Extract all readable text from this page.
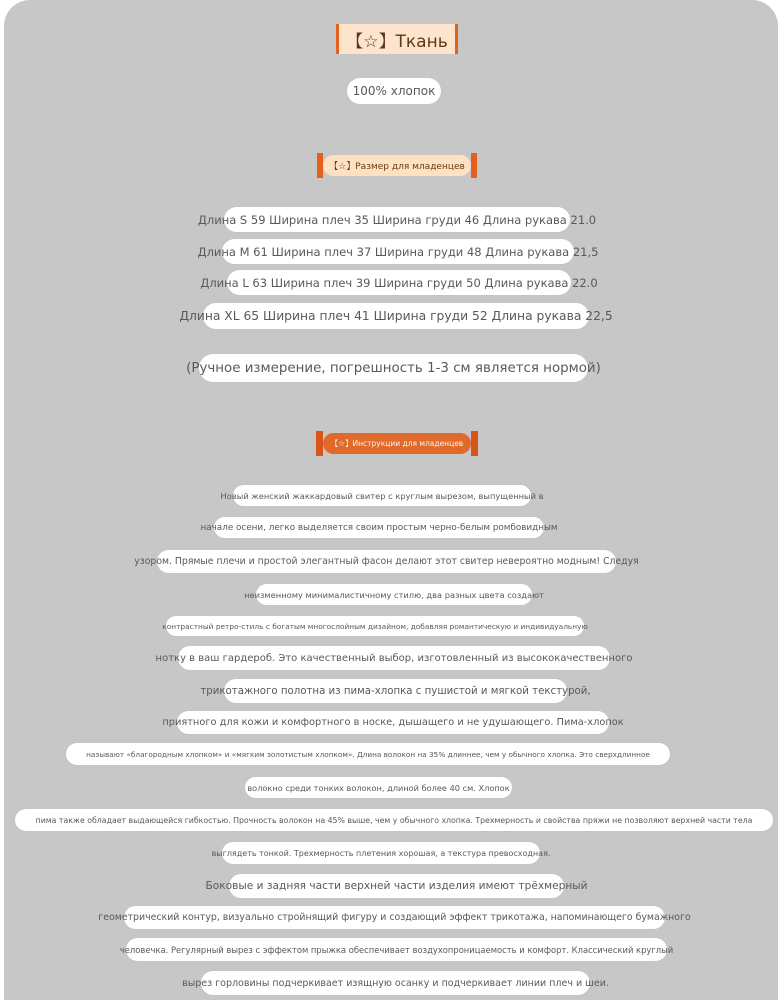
【☆】Ткань
100% хлопок
【☆】Размер для младенцев
Длина S 59 Ширина плеч 35 Ширина груди 46 Длина рукава 21.0
Длина M 61 Ширина плеч 37 Ширина груди 48 Длина рукава 21,5
Длина L 63 Ширина плеч 39 Ширина груди 50 Длина рукава 22.0
Длина XL 65 Ширина плеч 41 Ширина груди 52 Длина рукава 22,5
(Ручное измерение, погрешность 1-3 см является нормой)
【☆】Инструкции для младенцев
Новый женский жаккардовый свитер с круглым вырезом, выпущенный в
начале осени, легко выделяется своим простым черно-белым ромбовидным
узором. Прямые плечи и простой элегантный фасон делают этот свитер невероятно модным! Следуя
неизменному минималистичному стилю, два разных цвета создают
контрастный ретро-стиль с богатым многослойным дизайном, добавляя романтическую и индивидуальную
нотку в ваш гардероб. Это качественный выбор, изготовленный из высококачественного
трикотажного полотна из пима-хлопка с пушистой и мягкой текстурой,
приятного для кожи и комфортного в носке, дышащего и не удушающего. Пима-хлопок
называют «благородным хлопком» и «мягким золотистым хлопком». Длина волокон на 35% длиннее, чем у обычного хлопка. Это сверхдлинное
волокно среди тонких волокон, длиной более 40 см. Хлопок
пима также обладает выдающейся гибкостью. Прочность волокон на 45% выше, чем у обычного хлопка. Трехмерность и свойства пряжи не позволяют верхней части тела
выглядеть тонкой. Трехмерность плетения хорошая, а текстура превосходная.
Боковые и задняя части верхней части изделия имеют трёхмерный
геометрический контур, визуально стройнящий фигуру и создающий эффект трикотажа, напоминающего бумажного
человечка. Регулярный вырез с эффектом прыжка обеспечивает воздухопроницаемость и комфорт. Классический круглый
вырез горловины подчеркивает изящную осанку и подчеркивает линии плеч и шеи.
